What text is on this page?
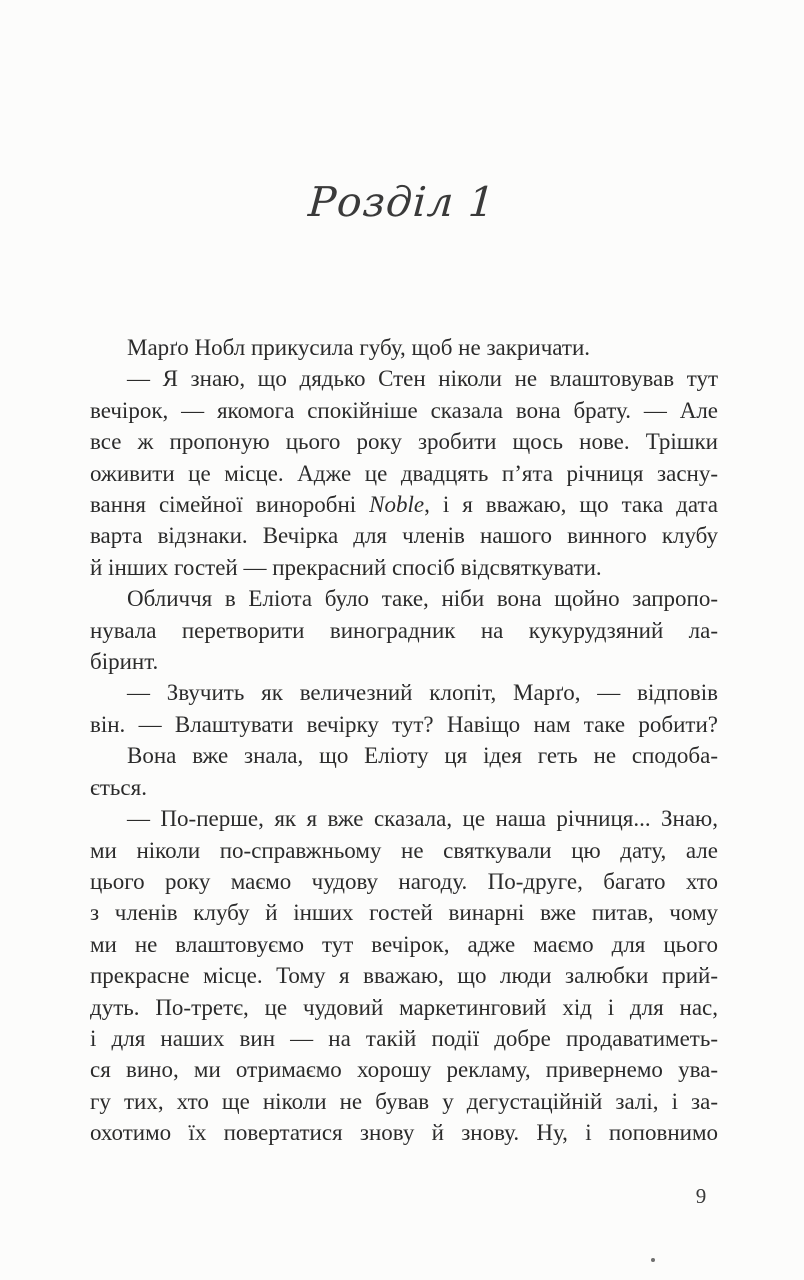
Розділ 1
Марґо Нобл прикусила губу, щоб не закричати.
— Я знаю, що дядько Стен ніколи не влаштовував тут
вечірок, — якомога спокійніше сказала вона брату. — Але
все ж пропоную цього року зробити щось нове. Трішки
оживити це місце. Адже це двадцять п’ята річниця засну-
вання сімейної виноробні Noble, і я вважаю, що така дата
варта відзнаки. Вечірка для членів нашого винного клубу
й інших гостей — прекрасний спосіб відсвяткувати.
Обличчя в Еліота було таке, ніби вона щойно запропо-
нувала перетворити виноградник на кукурудзяний ла-
біринт.
— Звучить як величезний клопіт, Марґо, — відповів
він. — Влаштувати вечірку тут? Навіщо нам таке робити?
Вона вже знала, що Еліоту ця ідея геть не сподоба-
ється.
— По-перше, як я вже сказала, це наша річниця... Знаю,
ми ніколи по-справжньому не святкували цю дату, але
цього року маємо чудову нагоду. По-друге, багато хто
з членів клубу й інших гостей винарні вже питав, чому
ми не влаштовуємо тут вечірок, адже маємо для цього
прекрасне місце. Тому я вважаю, що люди залюбки прий-
дуть. По-третє, це чудовий маркетинговий хід і для нас,
і для наших вин — на такій події добре продаватиметь-
ся вино, ми отримаємо хорошу рекламу, привернемо ува-
гу тих, хто ще ніколи не бував у дегустаційній залі, і за-
охотимо їх повертатися знову й знову. Ну, і поповнимо
9
